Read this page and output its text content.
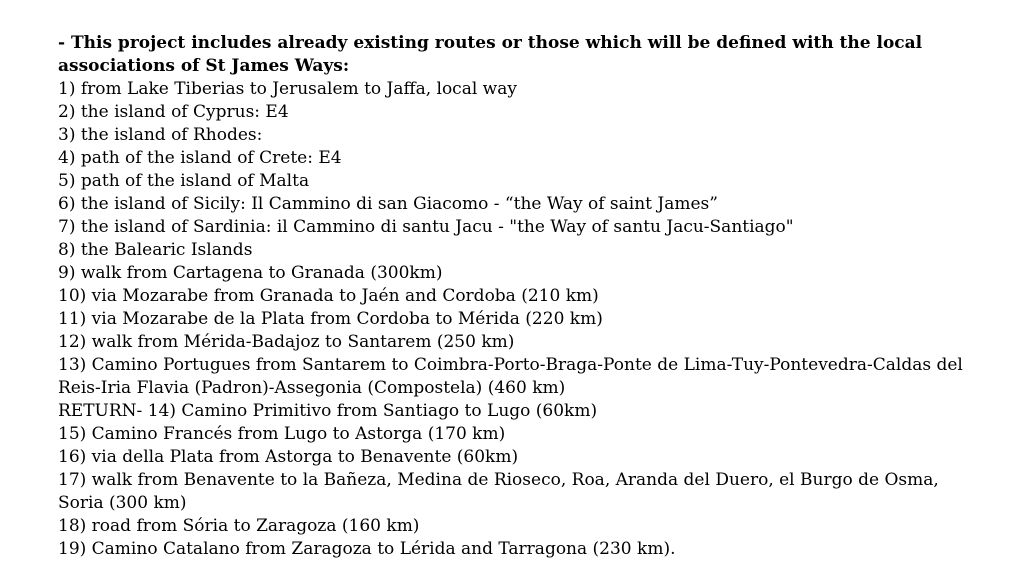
- This project includes already existing routes or those which will be defined with the local associations of St James Ways:

1) from Lake Tiberias to Jerusalem to Jaffa, local way
2) the island of Cyprus: E4
3) the island of Rhodes:
4) path of the island of Crete: E4
5) path of the island of Malta
6) the island of Sicily: Il Cammino di san Giacomo - “the Way of saint James”
7) the island of Sardinia: il Cammino di santu Jacu - "the Way of santu Jacu-Santiago"
8) the Balearic Islands
9) walk from Cartagena to Granada (300km)
10) via Mozarabe from Granada to Jaén and Cordoba (210 km)
11) via Mozarabe de la Plata from Cordoba to Mérida (220 km)
12) walk from Mérida-Badajoz to Santarem (250 km)
13) Camino Portugues from Santarem to Coimbra-Porto-Braga-Ponte de Lima-Tuy-Pontevedra-Caldas del Reis-Iria Flavia (Padron)-Assegonia (Compostela) (460 km)
RETURN- 14) Camino Primitivo from Santiago to Lugo (60km)
15) Camino Francés from Lugo to Astorga (170 km)
16) via della Plata from Astorga to Benavente (60km)
17) walk from Benavente to la Bañeza, Medina de Rioseco, Roa, Aranda del Duero, el Burgo de Osma, Soria (300 km)
18) road from Sória to Zaragoza (160 km)
19) Camino Catalano from Zaragoza to Lérida and Tarragona (230 km).
